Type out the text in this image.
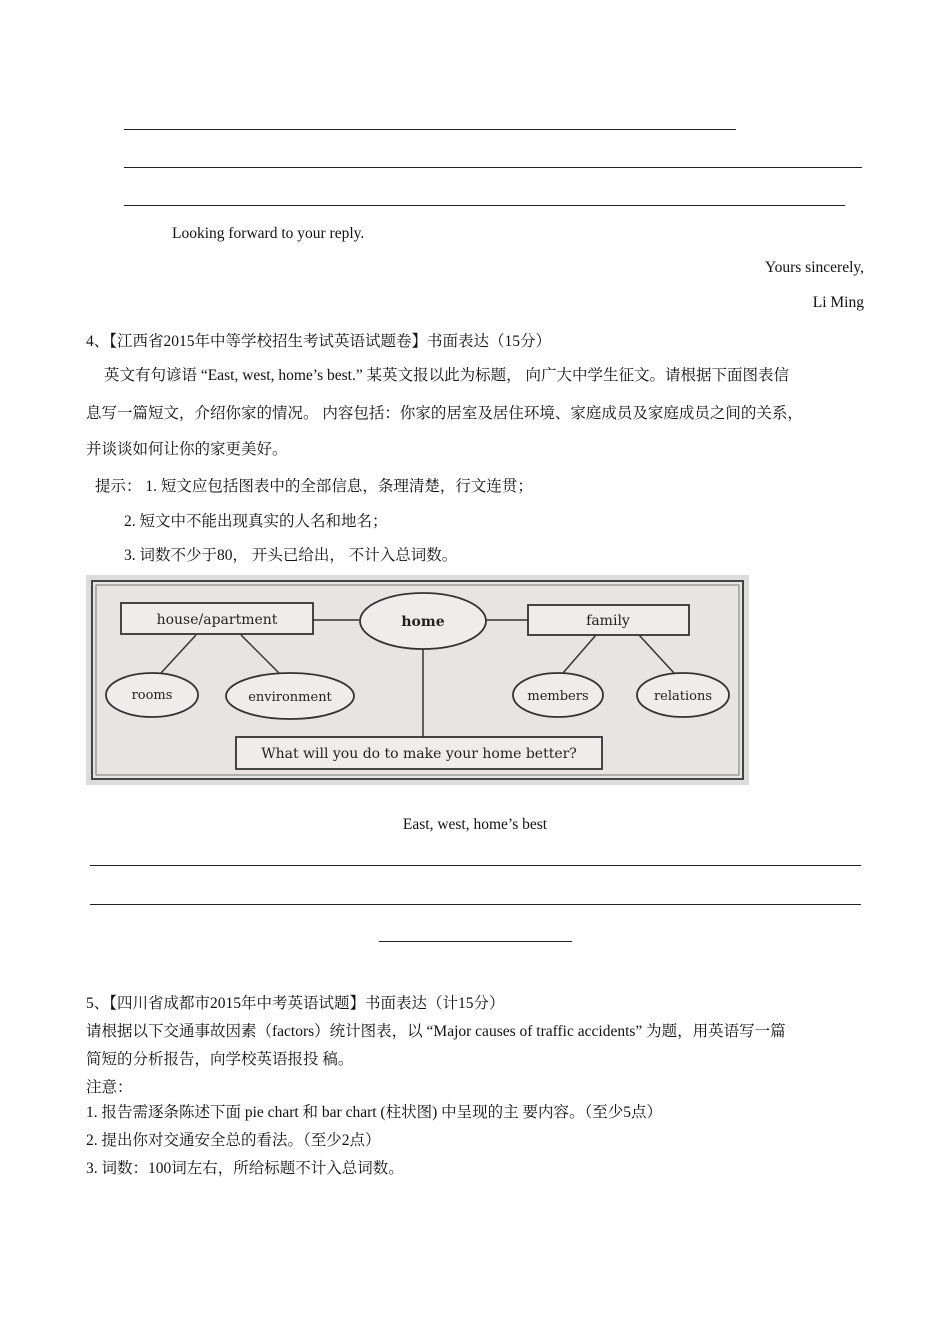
Looking forward to your reply.
Yours sincerely,
Li Ming
4、【江西省2015年中等学校招生考试英语试题卷】书面表达（15分）
英文有句谚语 “East, west, home’s best.” 某英文报以此为标题， 向广大中学生征文。请根据下面图表信
息写一篇短文，介绍你家的情况。 内容包括：你家的居室及居住环境、家庭成员及家庭成员之间的关系，
并谈谈如何让你的家更美好。
提示： 1. 短文应包括图表中的全部信息，条理清楚，行文连贯；
2. 短文中不能出现真实的人名和地名；
3. 词数不少于80， 开头已给出， 不计入总词数。
house/apartment	home	family
rooms	environment	members	relations
What will you do to make your home better?
East, west, home’s best
5、【四川省成都市2015年中考英语试题】书面表达（计15分）
请根据以下交通事故因素（factors）统计图表，以 “Major causes of traffic accidents” 为题，用英语写一篇
简短的分析报告，向学校英语报投 稿。
注意：
1. 报告需逐条陈述下面 pie chart 和 bar chart (柱状图) 中呈现的主 要内容。（至少5点）
2. 提出你对交通安全总的看法。（至少2点）
3. 词数：100词左右，所给标题不计入总词数。
